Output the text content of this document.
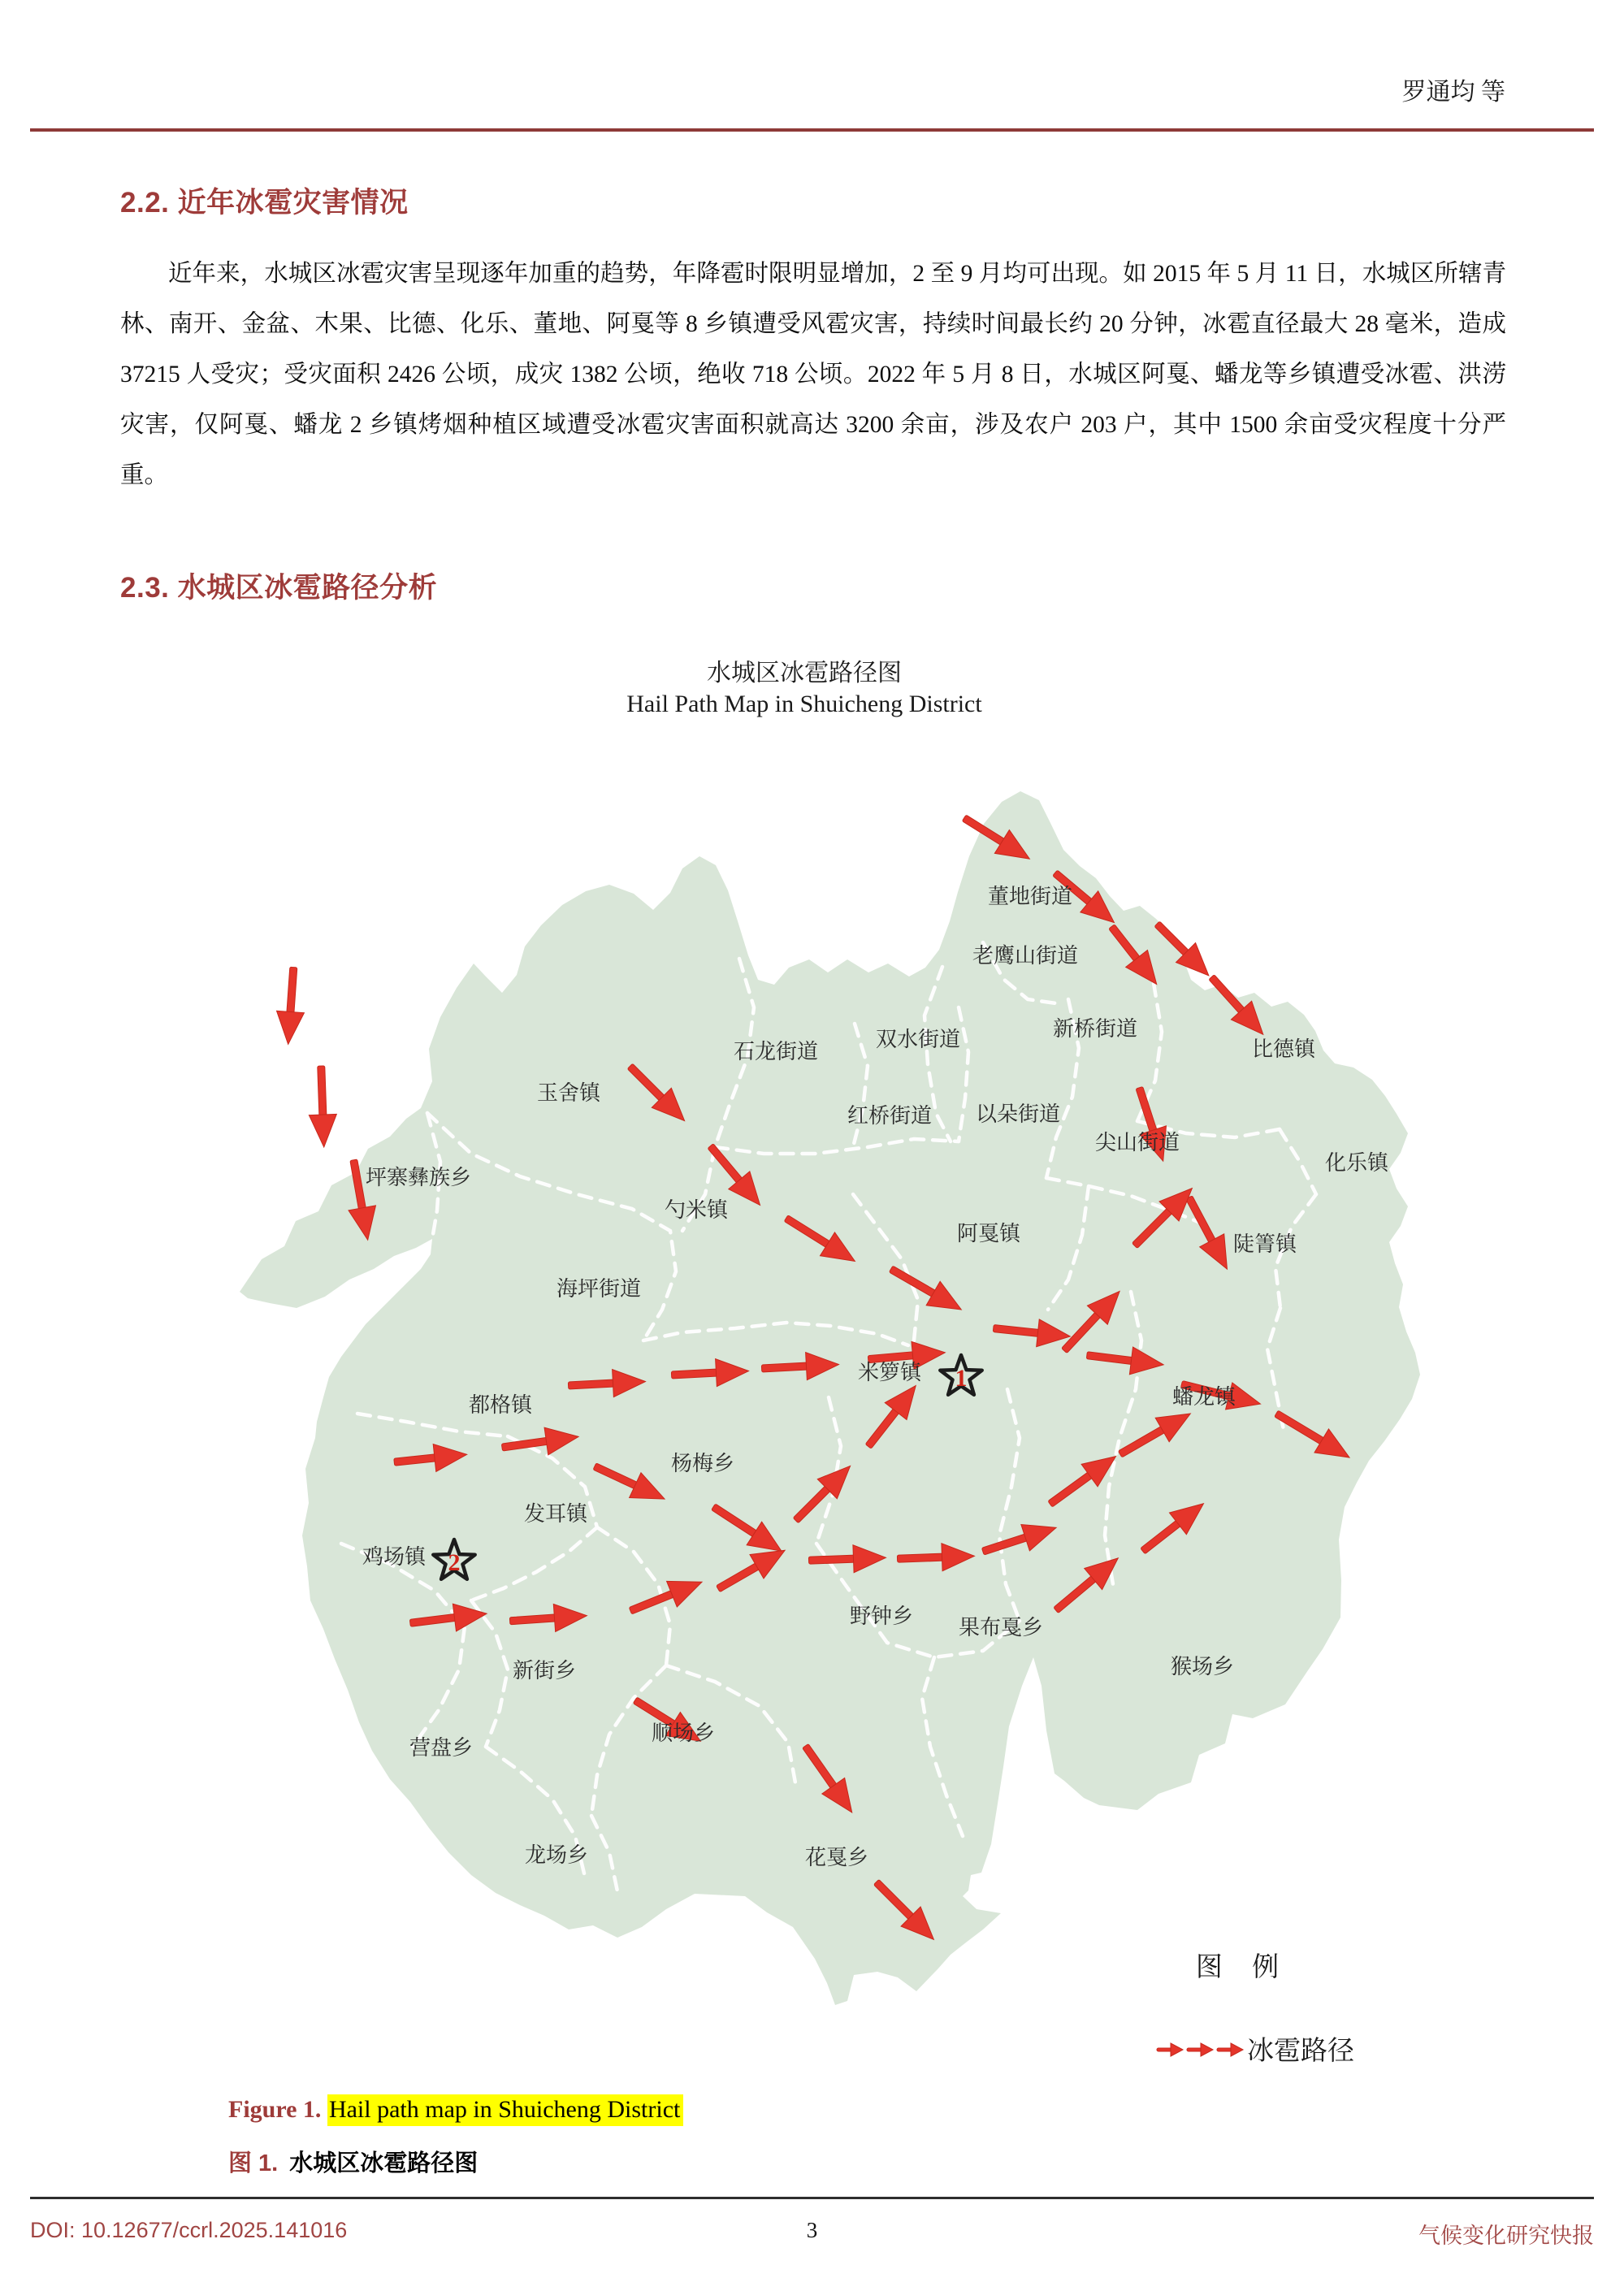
罗通均 等
2.2. 近年冰雹灾害情况
近年来，水城区冰雹灾害呈现逐年加重的趋势，年降雹时限明显增加，2 至 9 月均可出现。如 2015 年 5 月 11 日，水城区所辖青林、南开、金盆、木果、比德、化乐、董地、阿戛等 8 乡镇遭受风雹灾害，持续时间最长约 20 分钟，冰雹直径最大 28 毫米，造成 37215 人受灾；受灾面积 2426 公顷，成灾 1382 公顷，绝收 718 公顷。2022 年 5 月 8 日，水城区阿戛、蟠龙等乡镇遭受冰雹、洪涝灾害，仅阿戛、蟠龙 2 乡镇烤烟种植区域遭受冰雹灾害面积就高达 3200 余亩，涉及农户 203 户，其中 1500 余亩受灾程度十分严重。
2.3. 水城区冰雹路径分析
水城区冰雹路径图
Hail Path Map in Shuicheng District
董地街道
老鹰山街道
双水街道	新桥街道
石龙街道
红桥街道 以朵街道
玉舍镇
比德镇
尖山街道
化乐镇
坪寨彝族乡
勺米镇
阿戛镇	陡箐镇
海坪街道
米箩镇
蟠龙镇
都格镇
杨梅乡
发耳镇
鸡场镇
野钟乡 果布戛乡
猴场乡
新街乡
顺场乡
营盘乡
龙场乡	花戛乡
1
2
图 例
冰雹路径
Figure 1. Hail path map in Shuicheng District
图 1. 水城区冰雹路径图
DOI: 10.12677/ccrl.2025.141016	3	气候变化研究快报
